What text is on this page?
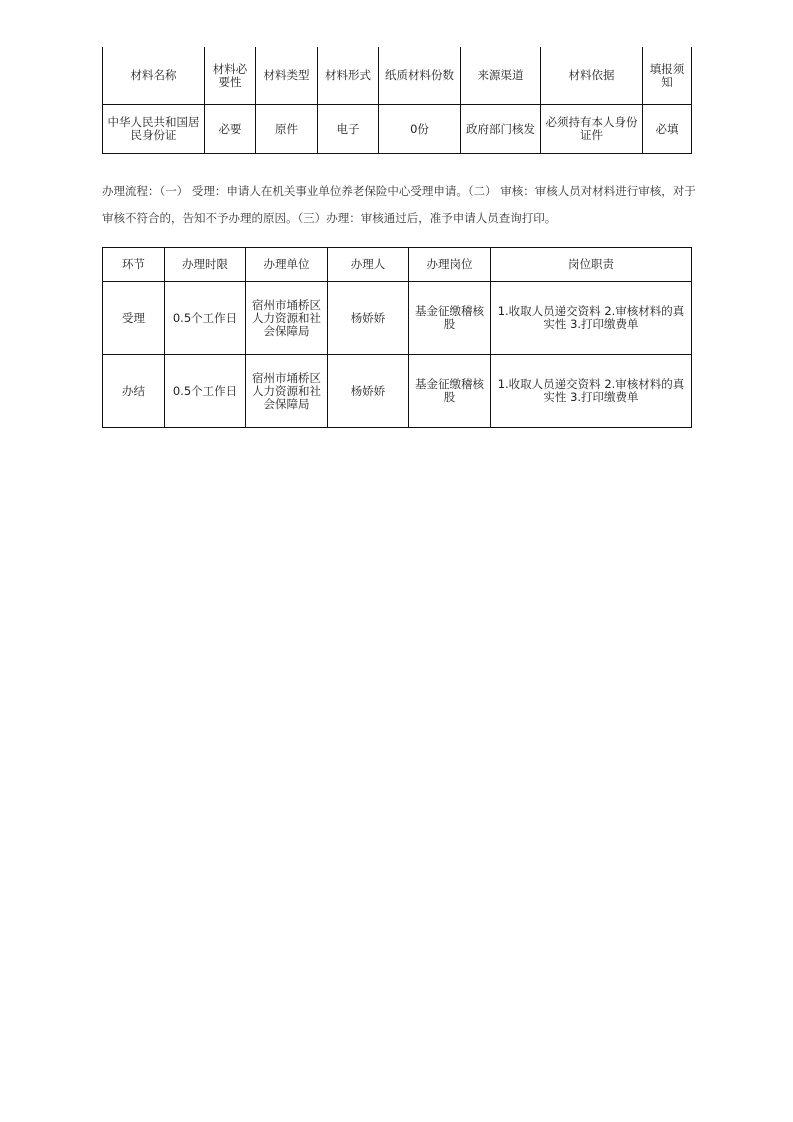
材料名称	材料必要性	材料类型	材料形式	纸质材料份数	来源渠道	材料依据	填报须知
中华人民共和国居民身份证	必要	原件	电子	0份	政府部门核发	必须持有本人身份证件	必填
办理流程：（一） 受理：申请人在机关事业单位养老保险中心受理申请。（二） 审核：审核人员对材料进行审核，对于审核不符合的，告知不予办理的原因。（三）办理：审核通过后，准予申请人员查询打印。
环节	办理时限	办理单位	办理人	办理岗位	岗位职责
受理	0.5个工作日	宿州市埇桥区人力资源和社会保障局	杨娇娇	基金征缴稽核股	1.收取人员递交资料 2.审核材料的真实性 3.打印缴费单
办结	0.5个工作日	宿州市埇桥区人力资源和社会保障局	杨娇娇	基金征缴稽核股	1.收取人员递交资料 2.审核材料的真实性 3.打印缴费单
